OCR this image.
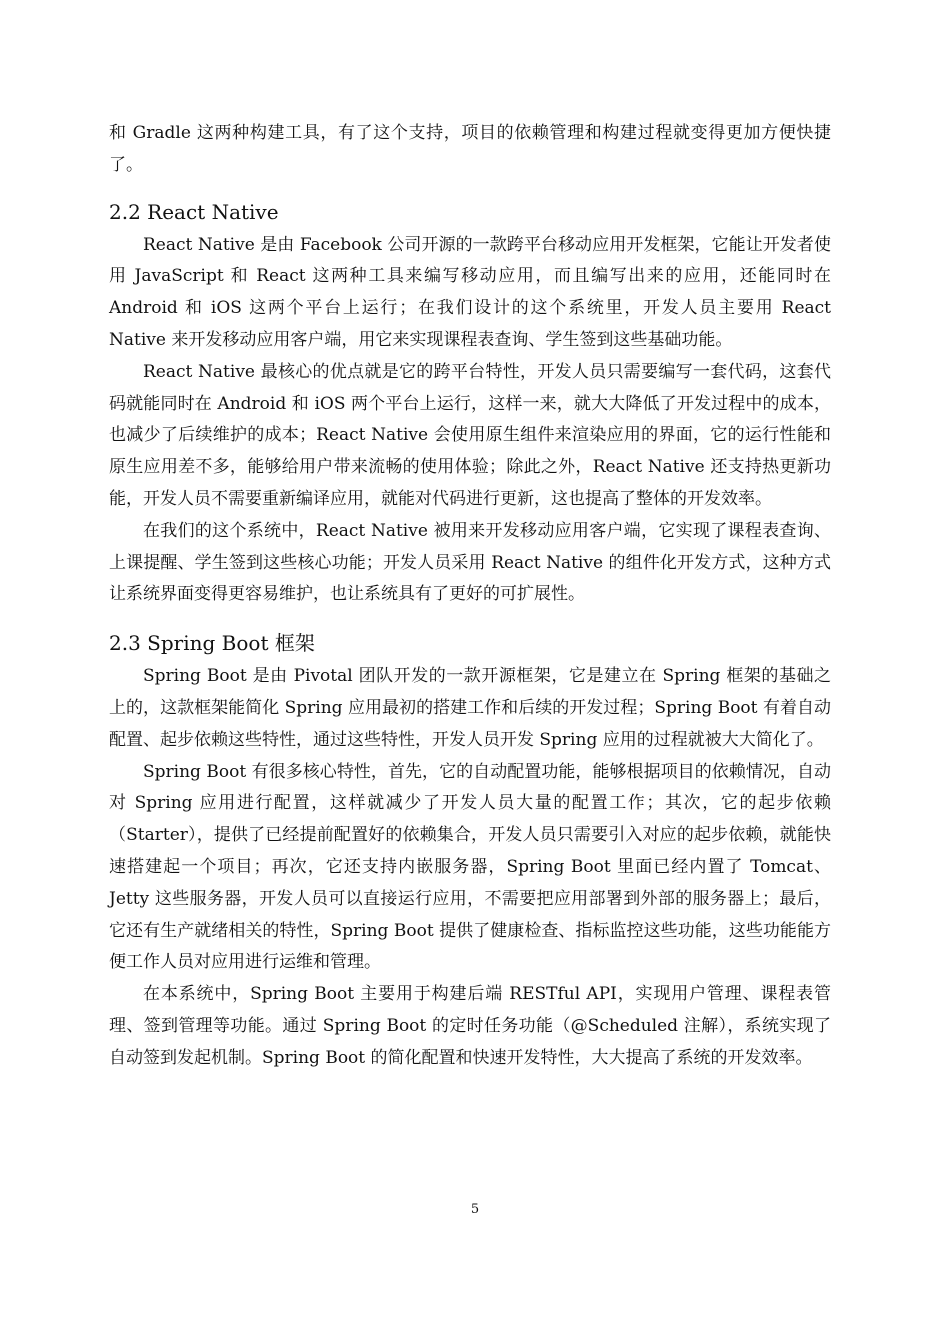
和 Gradle 这两种构建工具，有了这个支持，项目的依赖管理和构建过程就变得更加方便快捷了。

2.2 React Native

React Native 是由 Facebook 公司开源的一款跨平台移动应用开发框架，它能让开发者使用 JavaScript 和 React 这两种工具来编写移动应用，而且编写出来的应用，还能同时在 Android 和 iOS 这两个平台上运行；在我们设计的这个系统里，开发人员主要用 React Native 来开发移动应用客户端，用它来实现课程表查询、学生签到这些基础功能。

React Native 最核心的优点就是它的跨平台特性，开发人员只需要编写一套代码，这套代码就能同时在 Android 和 iOS 两个平台上运行，这样一来，就大大降低了开发过程中的成本，也减少了后续维护的成本；React Native 会使用原生组件来渲染应用的界面，它的运行性能和原生应用差不多，能够给用户带来流畅的使用体验；除此之外，React Native 还支持热更新功能，开发人员不需要重新编译应用，就能对代码进行更新，这也提高了整体的开发效率。

在我们的这个系统中，React Native 被用来开发移动应用客户端，它实现了课程表查询、上课提醒、学生签到这些核心功能；开发人员采用 React Native 的组件化开发方式，这种方式让系统界面变得更容易维护，也让系统具有了更好的可扩展性。

2.3 Spring Boot 框架

Spring Boot 是由 Pivotal 团队开发的一款开源框架，它是建立在 Spring 框架的基础之上的，这款框架能简化 Spring 应用最初的搭建工作和后续的开发过程；Spring Boot 有着自动配置、起步依赖这些特性，通过这些特性，开发人员开发 Spring 应用的过程就被大大简化了。

Spring Boot 有很多核心特性，首先，它的自动配置功能，能够根据项目的依赖情况，自动对 Spring 应用进行配置，这样就减少了开发人员大量的配置工作；其次，它的起步依赖（Starter），提供了已经提前配置好的依赖集合，开发人员只需要引入对应的起步依赖，就能快速搭建起一个项目；再次，它还支持内嵌服务器，Spring Boot 里面已经内置了 Tomcat、Jetty 这些服务器，开发人员可以直接运行应用，不需要把应用部署到外部的服务器上；最后，它还有生产就绪相关的特性，Spring Boot 提供了健康检查、指标监控这些功能，这些功能能方便工作人员对应用进行运维和管理。

在本系统中，Spring Boot 主要用于构建后端 RESTful API，实现用户管理、课程表管理、签到管理等功能。通过 Spring Boot 的定时任务功能（@Scheduled 注解），系统实现了自动签到发起机制。Spring Boot 的简化配置和快速开发特性，大大提高了系统的开发效率。

5
